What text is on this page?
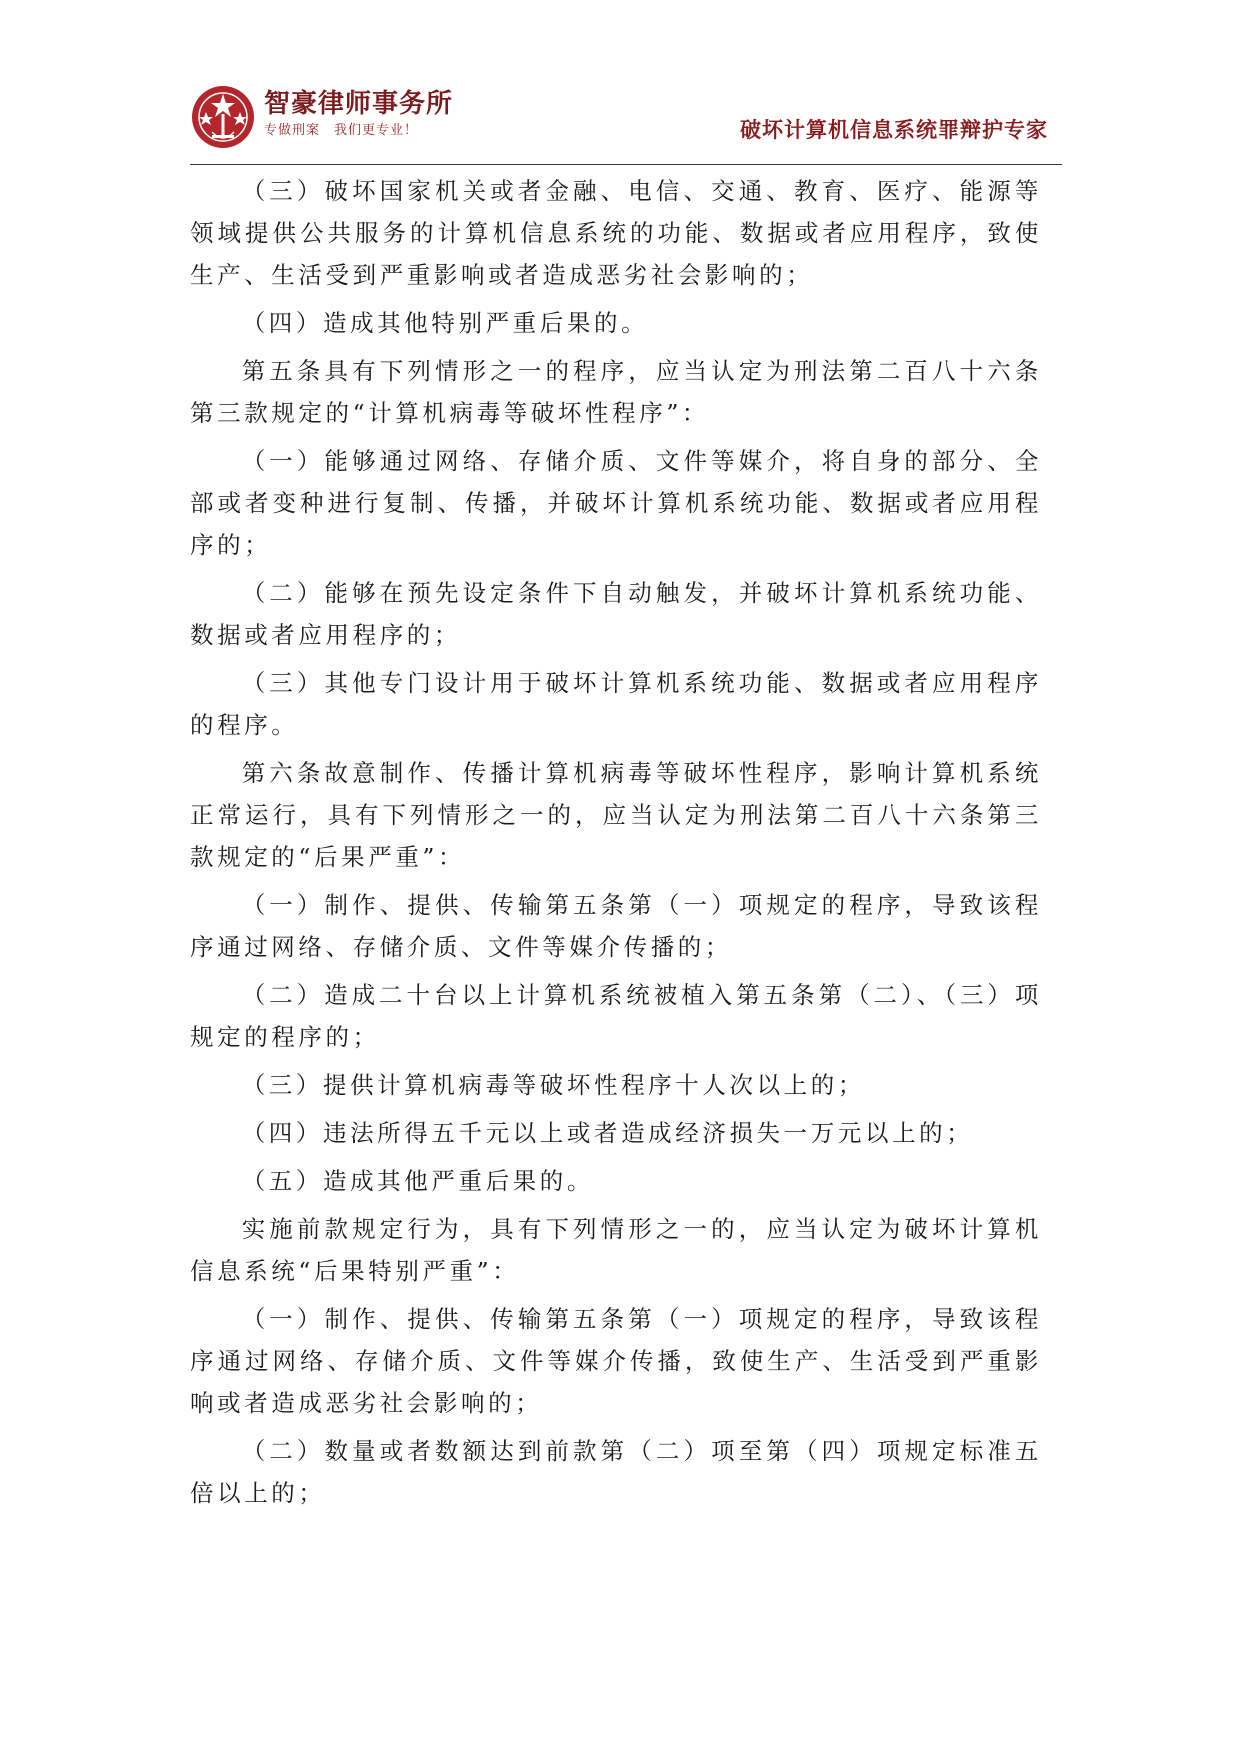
智豪律师事务所
专做刑案　我们更专业！	破坏计算机信息系统罪辩护专家

（三）破坏国家机关或者金融、电信、交通、教育、医疗、能源等领域提供公共服务的计算机信息系统的功能、数据或者应用程序，致使生产、生活受到严重影响或者造成恶劣社会影响的；

（四）造成其他特别严重后果的。

第五条具有下列情形之一的程序，应当认定为刑法第二百八十六条第三款规定的“计算机病毒等破坏性程序”：

（一）能够通过网络、存储介质、文件等媒介，将自身的部分、全部或者变种进行复制、传播，并破坏计算机系统功能、数据或者应用程序的；

（二）能够在预先设定条件下自动触发，并破坏计算机系统功能、数据或者应用程序的；

（三）其他专门设计用于破坏计算机系统功能、数据或者应用程序的程序。

第六条故意制作、传播计算机病毒等破坏性程序，影响计算机系统正常运行，具有下列情形之一的，应当认定为刑法第二百八十六条第三款规定的“后果严重”：

（一）制作、提供、传输第五条第（一）项规定的程序，导致该程序通过网络、存储介质、文件等媒介传播的；

（二）造成二十台以上计算机系统被植入第五条第（二）、（三）项规定的程序的；

（三）提供计算机病毒等破坏性程序十人次以上的；

（四）违法所得五千元以上或者造成经济损失一万元以上的；

（五）造成其他严重后果的。

实施前款规定行为，具有下列情形之一的，应当认定为破坏计算机信息系统“后果特别严重”：

（一）制作、提供、传输第五条第（一）项规定的程序，导致该程序通过网络、存储介质、文件等媒介传播，致使生产、生活受到严重影响或者造成恶劣社会影响的；

（二）数量或者数额达到前款第（二）项至第（四）项规定标准五倍以上的；
